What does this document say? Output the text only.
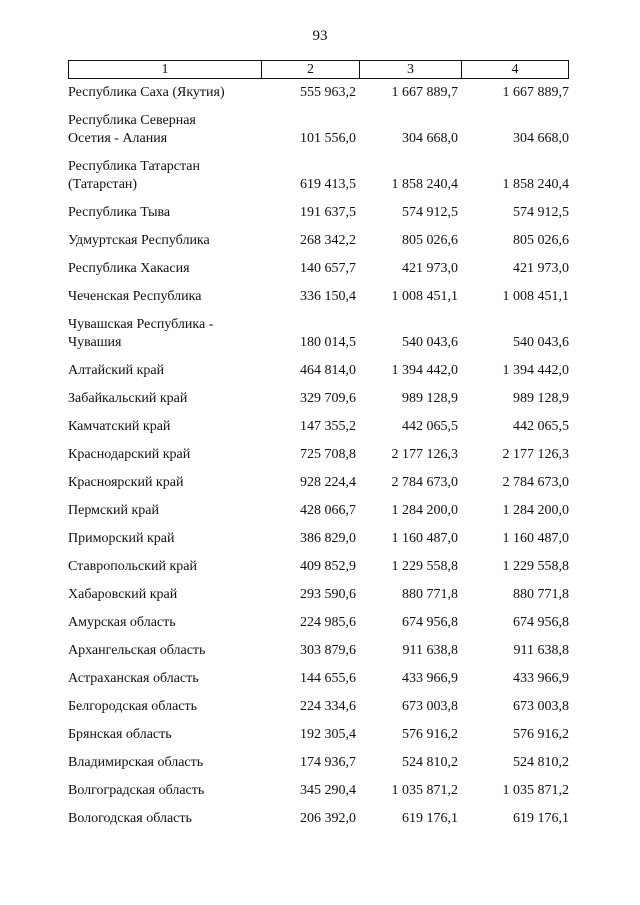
93
1	2	3	4
Республика Саха (Якутия)	555 963,2	1 667 889,7	1 667 889,7
Республика Северная
Осетия - Алания	101 556,0	304 668,0	304 668,0
Республика Татарстан
(Татарстан)	619 413,5	1 858 240,4	1 858 240,4
Республика Тыва	191 637,5	574 912,5	574 912,5
Удмуртская Республика	268 342,2	805 026,6	805 026,6
Республика Хакасия	140 657,7	421 973,0	421 973,0
Чеченская Республика	336 150,4	1 008 451,1	1 008 451,1
Чувашская Республика -
Чувашия	180 014,5	540 043,6	540 043,6
Алтайский край	464 814,0	1 394 442,0	1 394 442,0
Забайкальский край	329 709,6	989 128,9	989 128,9
Камчатский край	147 355,2	442 065,5	442 065,5
Краснодарский край	725 708,8	2 177 126,3	2 177 126,3
Красноярский край	928 224,4	2 784 673,0	2 784 673,0
Пермский край	428 066,7	1 284 200,0	1 284 200,0
Приморский край	386 829,0	1 160 487,0	1 160 487,0
Ставропольский край	409 852,9	1 229 558,8	1 229 558,8
Хабаровский край	293 590,6	880 771,8	880 771,8
Амурская область	224 985,6	674 956,8	674 956,8
Архангельская область	303 879,6	911 638,8	911 638,8
Астраханская область	144 655,6	433 966,9	433 966,9
Белгородская область	224 334,6	673 003,8	673 003,8
Брянская область	192 305,4	576 916,2	576 916,2
Владимирская область	174 936,7	524 810,2	524 810,2
Волгоградская область	345 290,4	1 035 871,2	1 035 871,2
Вологодская область	206 392,0	619 176,1	619 176,1
